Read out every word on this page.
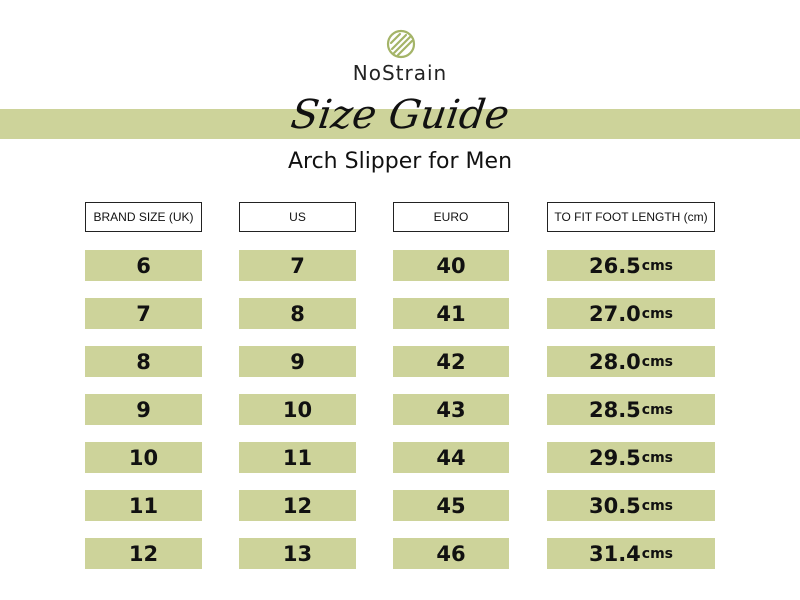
NoStrain
Size Guide
Arch Slipper for Men
BRAND SIZE (UK)	US	EURO	TO FIT FOOT LENGTH (cm)
6	7	40	26.5 cms
7	8	41	27.0 cms
8	9	42	28.0 cms
9	10	43	28.5 cms
10	11	44	29.5 cms
11	12	45	30.5 cms
12	13	46	31.4 cms
